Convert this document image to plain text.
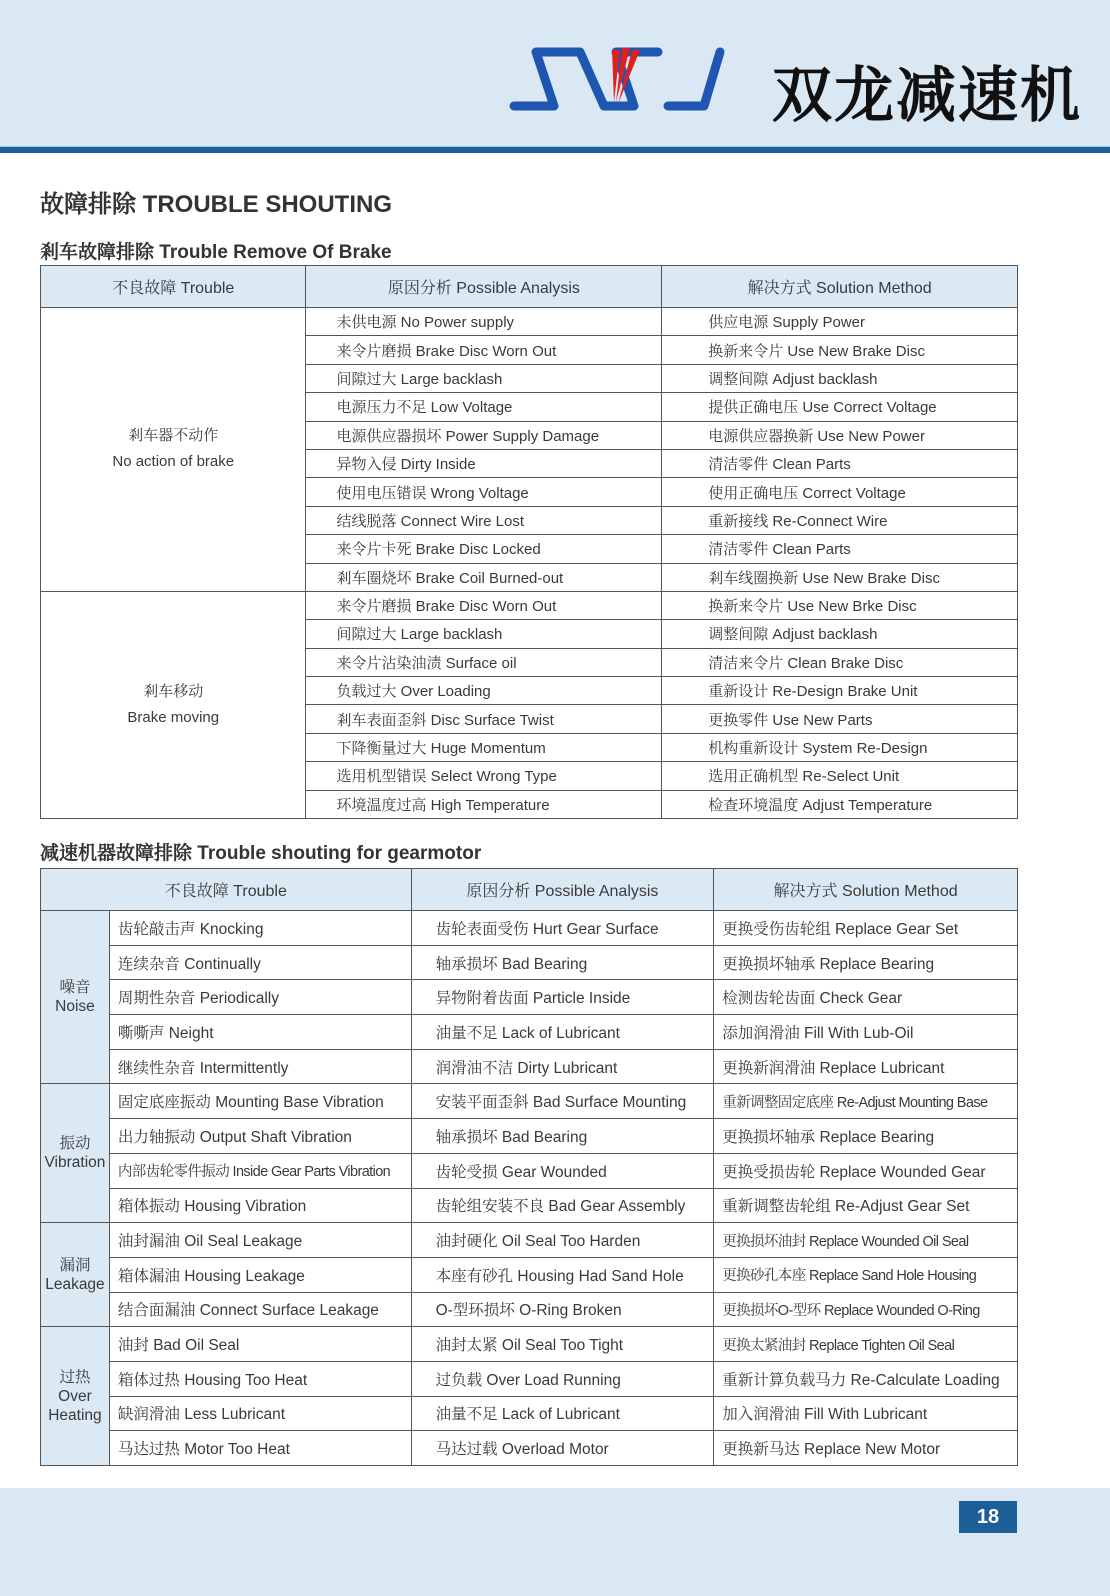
双龙减速机
故障排除 TROUBLE SHOUTING
剎车故障排除 Trouble Remove Of Brake
不良故障 Trouble	原因分析 Possible Analysis	解决方式 Solution Method

剎车器不动作
No action of brake	未供电源 No Power supply	供应电源 Supply Power
	来令片磨损 Brake Disc Worn Out	换新来令片 Use New Brake Disc
	间隙过大 Large backlash	调整间隙 Adjust backlash
	电源压力不足 Low Voltage	提供正确电压 Use Correct Voltage
	电源供应器损坏 Power Supply Damage	电源供应器换新 Use New Power
	异物入侵 Dirty Inside	清洁零件 Clean Parts
	使用电压错误 Wrong Voltage	使用正确电压 Correct Voltage
	结线脱落 Connect Wire Lost	重新接线 Re-Connect Wire
	来令片卡死 Brake Disc Locked	清洁零件 Clean Parts
	剎车圈烧坏 Brake Coil Burned-out	剎车线圈换新 Use New Brake Disc

剎车移动
Brake moving	来令片磨损 Brake Disc Worn Out	换新来令片 Use New Brke Disc
	间隙过大 Large backlash	调整间隙 Adjust backlash
	来令片沾染油渍 Surface oil	清洁来令片 Clean Brake Disc
	负载过大 Over Loading	重新设计 Re-Design Brake Unit
	剎车表面歪斜 Disc Surface Twist	更换零件 Use New Parts
	下降衡量过大 Huge Momentum	机构重新设计 System Re-Design
	选用机型错误 Select Wrong Type	选用正确机型 Re-Select Unit
	环境温度过高 High Temperature	检查环境温度 Adjust Temperature
减速机器故障排除 Trouble shouting for gearmotor
不良故障 Trouble		原因分析 Possible Analysis	解决方式 Solution Method

噪音
Noise	齿轮敲击声 Knocking	齿轮表面受伤 Hurt Gear Surface	更换受伤齿轮组 Replace Gear Set
	连续杂音 Continually	轴承损坏 Bad Bearing	更换损坏轴承 Replace Bearing
	周期性杂音 Periodically	异物附着齿面 Particle Inside	检测齿轮齿面 Check Gear
	嘶嘶声 Neight	油量不足 Lack of Lubricant	添加润滑油 Fill With Lub-Oil
	继续性杂音 Intermittently	润滑油不洁 Dirty Lubricant	更换新润滑油 Replace Lubricant

振动
Vibration	固定底座振动 Mounting Base Vibration	安装平面歪斜 Bad Surface Mounting	重新调整固定底座 Re-Adjust Mounting Base
	出力轴振动 Output Shaft Vibration	轴承损坏 Bad Bearing	更换损坏轴承 Replace Bearing
	内部齿轮零件振动 Inside Gear Parts Vibration	齿轮受损 Gear Wounded	更换受损齿轮 Replace Wounded Gear
	箱体振动 Housing Vibration	齿轮组安装不良 Bad Gear Assembly	重新调整齿轮组 Re-Adjust Gear Set

漏洞
Leakage	油封漏油 Oil Seal Leakage	油封硬化 Oil Seal Too Harden	更换损坏油封 Replace Wounded Oil Seal
	箱体漏油 Housing Leakage	本座有砂孔 Housing Had Sand Hole	更换砂孔本座 Replace Sand Hole Housing
	结合面漏油 Connect Surface Leakage	O-型环损坏 O-Ring Broken	更换损坏O-型环 Replace Wounded O-Ring

过热
Over
Heating	油封 Bad Oil Seal	油封太紧 Oil Seal Too Tight	更换太紧油封 Replace Tighten Oil Seal
	箱体过热 Housing Too Heat	过负载 Over Load Running	重新计算负载马力 Re-Calculate Loading
	缺润滑油 Less Lubricant	油量不足 Lack of Lubricant	加入润滑油 Fill With Lubricant
	马达过热 Motor Too Heat	马达过载 Overload Motor	更换新马达 Replace New Motor
18
